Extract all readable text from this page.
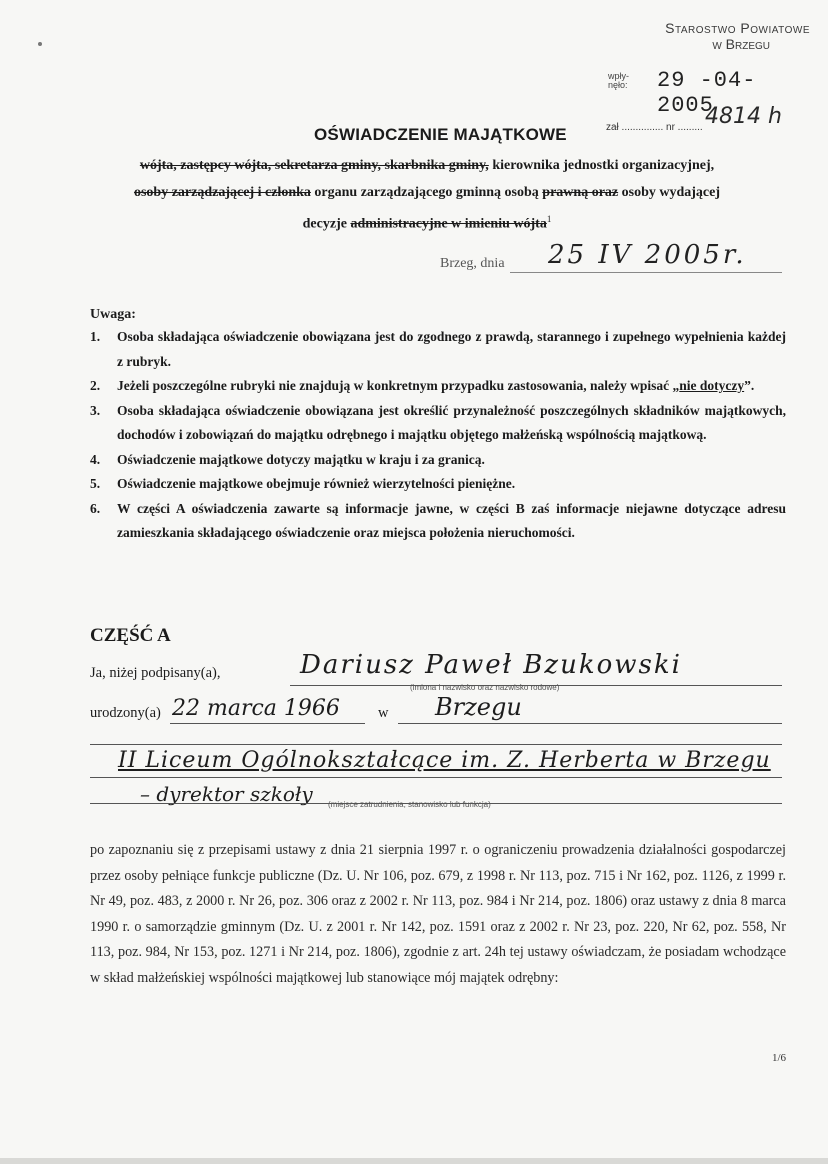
Starostwo Powiatowe
w Brzegu
wpły- nęło:	29 -04- 2005
4814 h
zał ............... nr .........
OŚWIADCZENIE MAJĄTKOWE
wójta, zastępcy wójta, sekretarza gminy, skarbnika gminy, kierownika jednostki organizacyjnej,
osoby zarządzającej i członka organu zarządzającego gminną osobą prawną oraz osoby wydającej
decyzje administracyjne w imieniu wójta$^1$
Brzeg, dnia 25 IV 2005r.
Uwaga:
1. Osoba składająca oświadczenie obowiązana jest do zgodnego z prawdą, starannego i zupełnego wypełnienia każdej z rubryk.
2. Jeżeli poszczególne rubryki nie znajdują w konkretnym przypadku zastosowania, należy wpisać „nie dotyczy”.
3. Osoba składająca oświadczenie obowiązana jest określić przynależność poszczególnych składników majątkowych, dochodów i zobowiązań do majątku odrębnego i majątku objętego małżeńską wspólnością majątkową.
4. Oświadczenie majątkowe dotyczy majątku w kraju i za granicą.
5. Oświadczenie majątkowe obejmuje również wierzytelności pieniężne.
6. W części A oświadczenia zawarte są informacje jawne, w części B zaś informacje niejawne dotyczące adresu zamieszkania składającego oświadczenie oraz miejsca położenia nieruchomości.
CZĘŚĆ A
Ja, niżej podpisany(a),	Dariusz Paweł Bzukowski
(imiona i nazwisko oraz nazwisko rodowe)
urodzony(a) 22 marca 1966	w Brzegu
II Liceum Ogólnokształcące im. Z. Herberta w Brzegu
– dyrektor szkoły (miejsce zatrudnienia, stanowisko lub funkcja)
po zapoznaniu się z przepisami ustawy z dnia 21 sierpnia 1997 r. o ograniczeniu prowadzenia działalności gospodarczej przez osoby pełniące funkcje publiczne (Dz. U. Nr 106, poz. 679, z 1998 r. Nr 113, poz. 715 i Nr 162, poz. 1126, z 1999 r. Nr 49, poz. 483, z 2000 r. Nr 26, poz. 306 oraz z 2002 r. Nr 113, poz. 984 i Nr 214, poz. 1806) oraz ustawy z dnia 8 marca 1990 r. o samorządzie gminnym (Dz. U. z 2001 r. Nr 142, poz. 1591 oraz z 2002 r. Nr 23, poz. 220, Nr 62, poz. 558, Nr 113, poz. 984, Nr 153, poz. 1271 i Nr 214, poz. 1806), zgodnie z art. 24h tej ustawy oświadczam, że posiadam wchodzące w skład małżeńskiej wspólności majątkowej lub stanowiące mój majątek odrębny:
1/6
